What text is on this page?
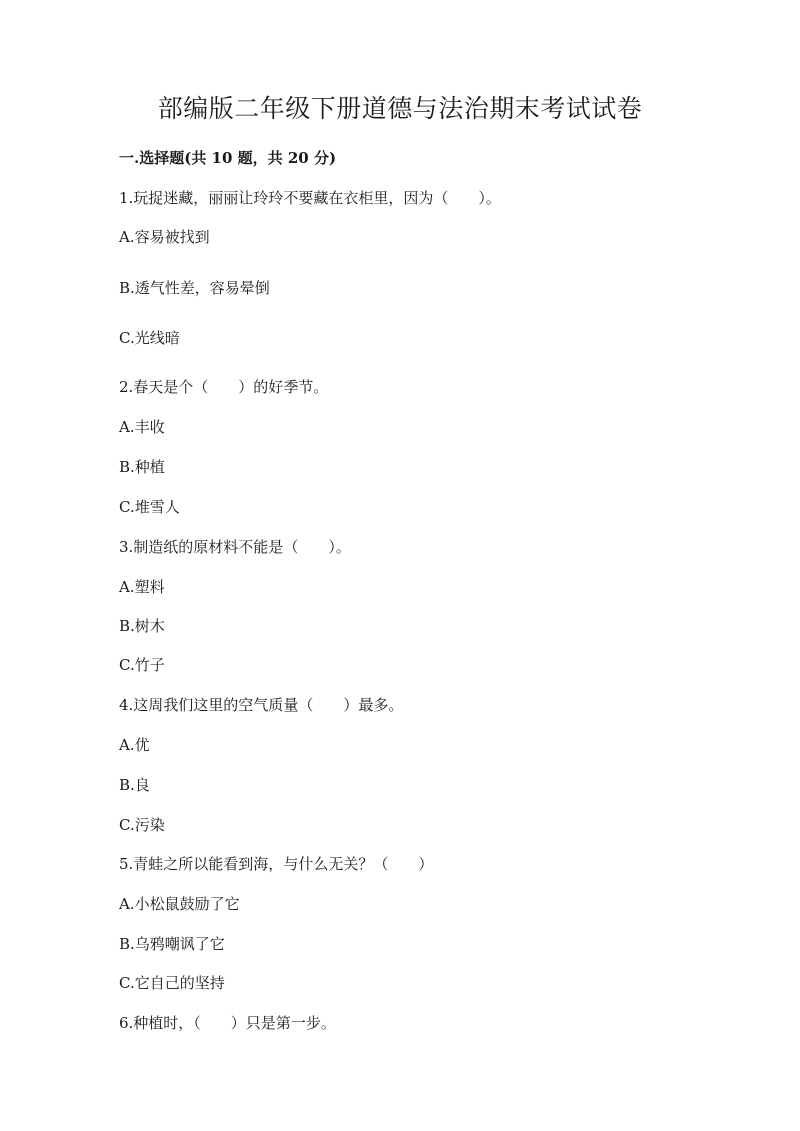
部编版二年级下册道德与法治期末考试试卷
一.选择题(共 10 题，共 20 分)
1.玩捉迷藏，丽丽让玲玲不要藏在衣柜里，因为（　　）。
A.容易被找到
B.透气性差，容易晕倒
C.光线暗
2.春天是个（　　）的好季节。
A.丰收
B.种植
C.堆雪人
3.制造纸的原材料不能是（　　）。
A.塑料
B.树木
C.竹子
4.这周我们这里的空气质量（　　）最多。
A.优
B.良
C.污染
5.青蛙之所以能看到海，与什么无关？（　　）
A.小松鼠鼓励了它
B.乌鸦嘲讽了它
C.它自己的坚持
6.种植时，（　　）只是第一步。
